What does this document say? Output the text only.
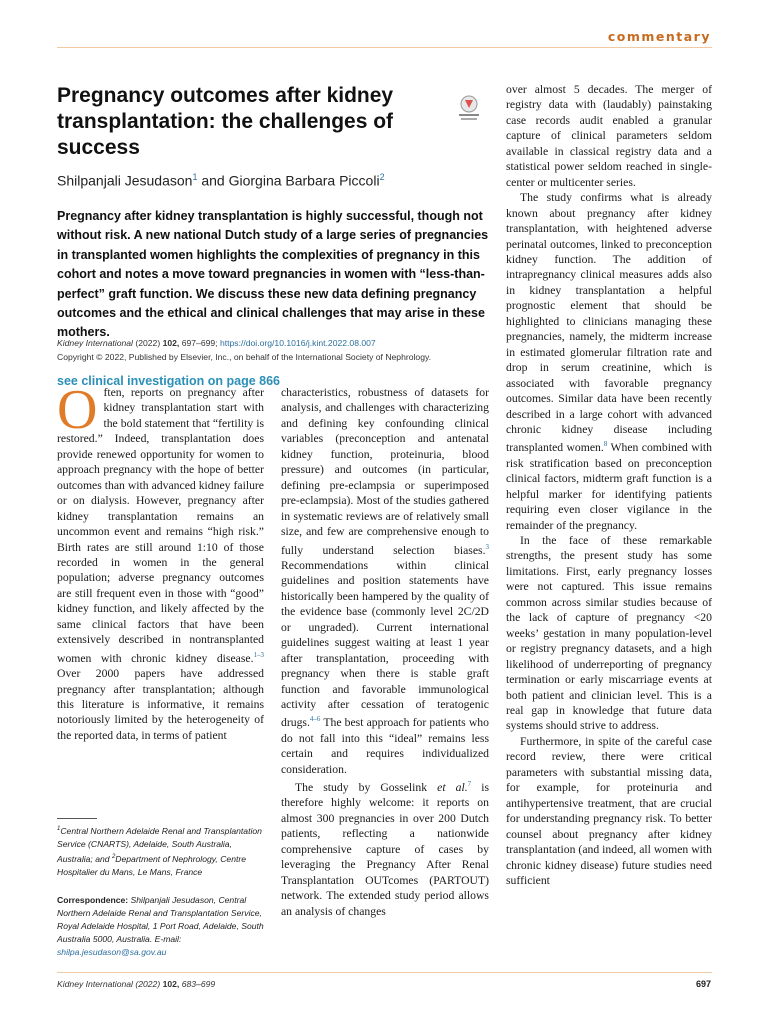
commentary
Pregnancy outcomes after kidney transplantation: the challenges of success
Shilpanjali Jesudason$^1$ and Giorgina Barbara Piccoli$^2$

Pregnancy after kidney transplantation is highly successful, though not without risk. A new national Dutch study of a large series of pregnancies in transplanted women highlights the complexities of pregnancy in this cohort and notes a move toward pregnancies in women with “less-than-perfect” graft function. We discuss these new data defining pregnancy outcomes and the ethical and clinical challenges that may arise in these mothers.

Kidney International (2022) 102, 697–699; https://doi.org/10.1016/j.kint.2022.08.007
Copyright © 2022, Published by Elsevier, Inc., on behalf of the International Society of Nephrology.
see clinical investigation on page 866

Often, reports on pregnancy after kidney transplantation start with the bold statement that “fertility is restored.” Indeed, transplantation does provide renewed opportunity for women to approach pregnancy with the hope of better outcomes than with advanced kidney failure or on dialysis. However, pregnancy after kidney transplantation remains an uncommon event and remains “high risk.” Birth rates are still around 1:10 of those recorded in women in the general population; adverse pregnancy outcomes are still frequent even in those with “good” kidney function, and likely affected by the same clinical factors that have been extensively described in nontransplanted women with chronic kidney disease.$^{1-3}$ Over 2000 papers have addressed pregnancy after transplantation; although this literature is informative, it remains notoriously limited by the heterogeneity of the reported data, in terms of patient

characteristics, robustness of datasets for analysis, and challenges with characterizing and defining key confounding clinical variables (preconception and antenatal kidney function, proteinuria, blood pressure) and outcomes (in particular, defining pre-eclampsia or superimposed pre-eclampsia). Most of the studies gathered in systematic reviews are of relatively small size, and few are comprehensive enough to fully understand selection biases.$^3$ Recommendations within clinical guidelines and position statements have historically been hampered by the quality of the evidence base (commonly level 2C/2D or ungraded). Current international guidelines suggest waiting at least 1 year after transplantation, proceeding with pregnancy when there is stable graft function and favorable immunological activity after cessation of teratogenic drugs.$^{4-6}$ The best approach for patients who do not fall into this “ideal” remains less certain and requires individualized consideration.

The study by Gosselink et al.$^7$ is therefore highly welcome: it reports on almost 300 pregnancies in over 200 Dutch patients, reflecting a nationwide comprehensive capture of cases by leveraging the Pregnancy After Renal Transplantation OUTcomes (PARTOUT) network. The extended study period allows an analysis of changes

over almost 5 decades. The merger of registry data with (laudably) painstaking case records audit enabled a granular capture of clinical parameters seldom available in classical registry data and a statistical power seldom reached in single-center or multicenter series.

The study confirms what is already known about pregnancy after kidney transplantation, with heightened adverse perinatal outcomes, linked to preconception kidney function. The addition of intrapregnancy clinical measures adds also in kidney transplantation a helpful prognostic element that should be highlighted to clinicians managing these pregnancies, namely, the midterm increase in estimated glomerular filtration rate and drop in serum creatinine, which is associated with favorable pregnancy outcomes. Similar data have been recently described in a large cohort with advanced chronic kidney disease including transplanted women.$^8$ When combined with risk stratification based on preconception clinical factors, midterm graft function is a helpful marker for identifying patients requiring even closer vigilance in the remainder of the pregnancy.

In the face of these remarkable strengths, the present study has some limitations. First, early pregnancy losses were not captured. This issue remains common across similar studies because of the lack of capture of pregnancy <20 weeks’ gestation in many population-level or registry pregnancy datasets, and a high likelihood of underreporting of pregnancy termination or early miscarriage events at both patient and clinician level. This is a real gap in knowledge that future data systems should strive to address.

Furthermore, in spite of the careful case record review, there were critical parameters with substantial missing data, for example, for proteinuria and antihypertensive treatment, that are crucial for understanding pregnancy risk. To better counsel about pregnancy after kidney transplantation (and indeed, all women with chronic kidney disease) future studies need sufficient

$^1$Central Northern Adelaide Renal and Transplantation Service (CNARTS), Adelaide, South Australia, Australia; and $^2$Department of Nephrology, Centre Hospitalier du Mans, Le Mans, France
Correspondence: Shilpanjali Jesudason, Central Northern Adelaide Renal and Transplantation Service, Royal Adelaide Hospital, 1 Port Road, Adelaide, South Australia 5000, Australia. E-mail: shilpa.jesudason@sa.gov.au
Kidney International (2022) 102, 683–699	697
